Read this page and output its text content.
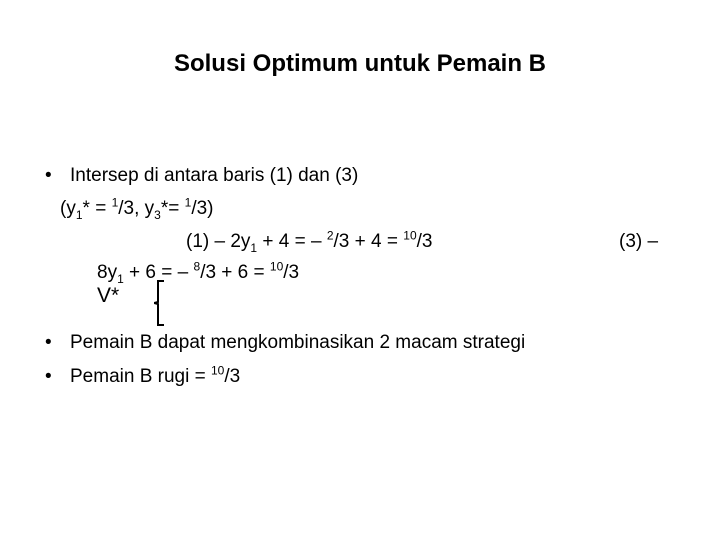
Solusi Optimum untuk Pemain B
• Intersep di antara baris (1) dan (3)
($y_1* = ^1/3$, $y_3*= ^1/3$)
$(1) - 2y_1 + 4$ = – $^2$/3 + 4 = $^{10}$/3	(3) –
$8y_1 + 6$ = – $^8$/3 + 6 = $^{10}$/3
V*
• Pemain B dapat mengkombinasikan 2 macam strategi
• Pemain B rugi = $^{10}$/3
